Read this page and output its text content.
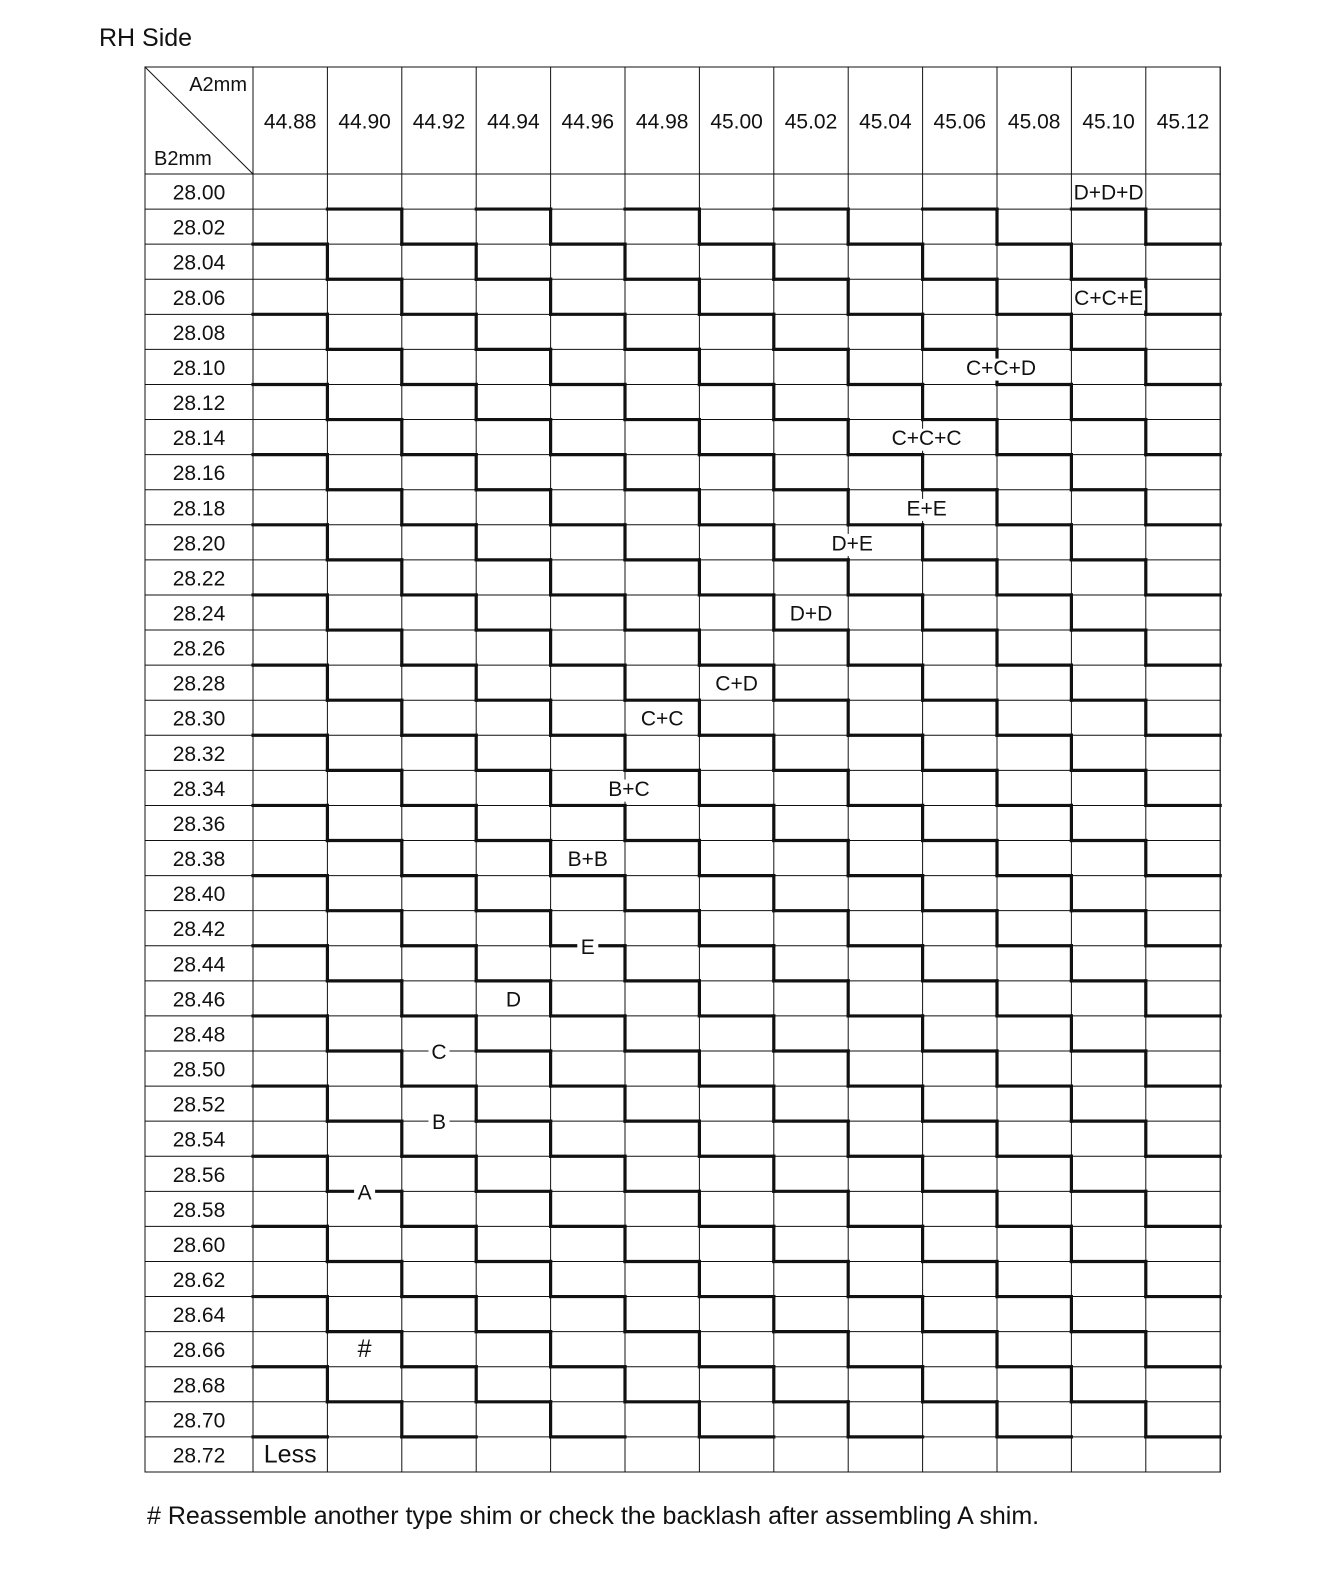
RH Side
A2mm
B2mm
44.88 44.90 44.92 44.94 44.96 44.98 45.00 45.02 45.04 45.06 45.08 45.10 45.12
28.00
28.02
28.04
28.06
28.08
28.10
28.12
28.14
28.16
28.18
28.20
28.22
28.24
28.26
28.28
28.30
28.32
28.34
28.36
28.38
28.40
28.42
28.44
28.46
28.48
28.50
28.52
28.54
28.56
28.58
28.60
28.62
28.64
28.66
28.68
28.70
28.72 Less
#
A
B
C
D
E
B+B
B+C
C+C
C+D
D+D
D+E
E+E
C+C+C
C+C+D
C+C+E
D+D+D
# Reassemble another type shim or check the backlash after assembling A shim.
